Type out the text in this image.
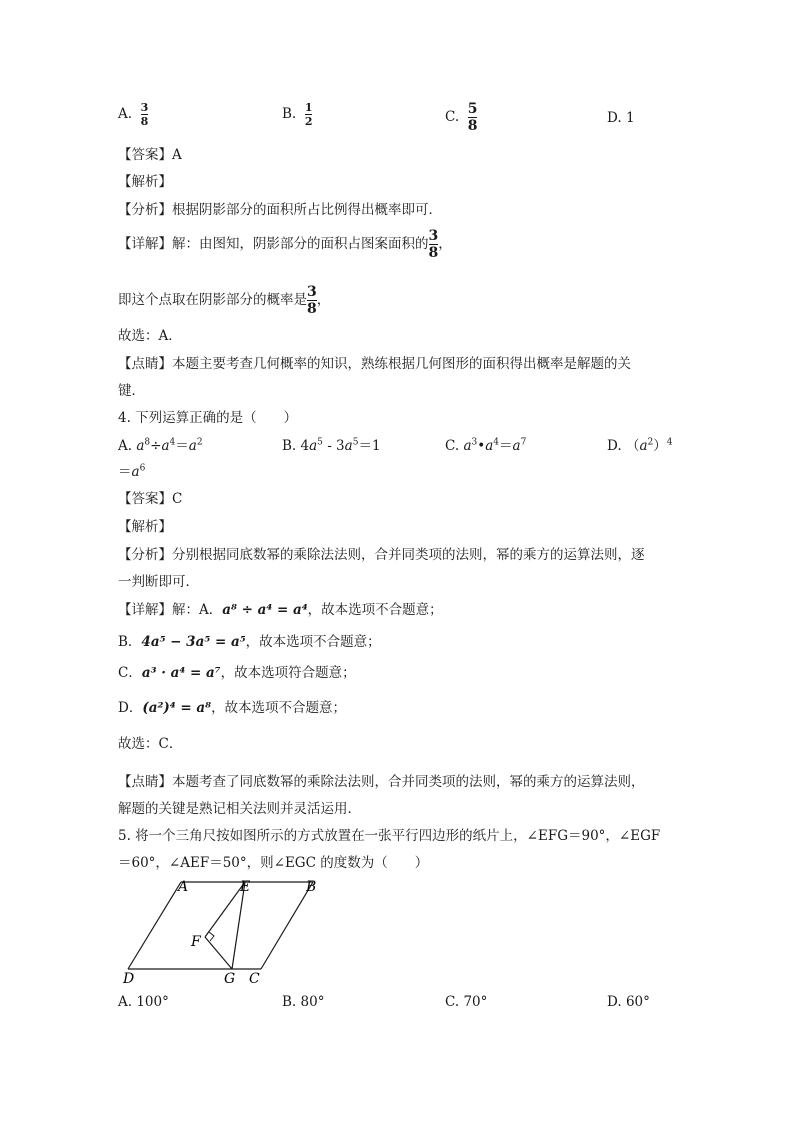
A. $\frac{3}{8}$	B. $\frac{1}{2}$	C. $\frac{5}{8}$	D. 1
【答案】A
【解析】
【分析】根据阴影部分的面积所占比例得出概率即可．
【详解】解：由图知，阴影部分的面积占图案面积的 $\frac{3}{8}$ ，
即这个点取在阴影部分的概率是 $\frac{3}{8}$ ，
故选：A．
【点睛】本题主要考查几何概率的知识，熟练根据几何图形的面积得出概率是解题的关
键．
4. 下列运算正确的是（　　）
A. $a^8\div a^4=a^2$	B. $4a^5 - 3a^5=1$	C. $a^3•a^4=a^7$	D. $(a^2)^4$
$=a^6$
【答案】C
【解析】
【分析】分别根据同底数幂的乘除法法则，合并同类项的法则，幂的乘方的运算法则，逐
一判断即可．
【详解】解：A．a⁸ ÷ a⁴ = a⁴，故本选项不合题意；
B．4a⁵ − 3a⁵ = a⁵，故本选项不合题意；
C．a³ · a⁴ = a⁷，故本选项符合题意；
D．(a²)⁴ = a⁸，故本选项不合题意；
故选：C．
【点睛】本题考查了同底数幂的乘除法法则，合并同类项的法则，幂的乘方的运算法则，
解题的关键是熟记相关法则并灵活运用．
5. 将一个三角尺按如图所示的方式放置在一张平行四边形的纸片上，∠EFG＝90°，∠EGF
＝60°，∠AEF＝50°，则∠EGC 的度数为（　　）
A	E	B
F
D	G C
A. 100°	B. 80°	C. 70°	D. 60°
